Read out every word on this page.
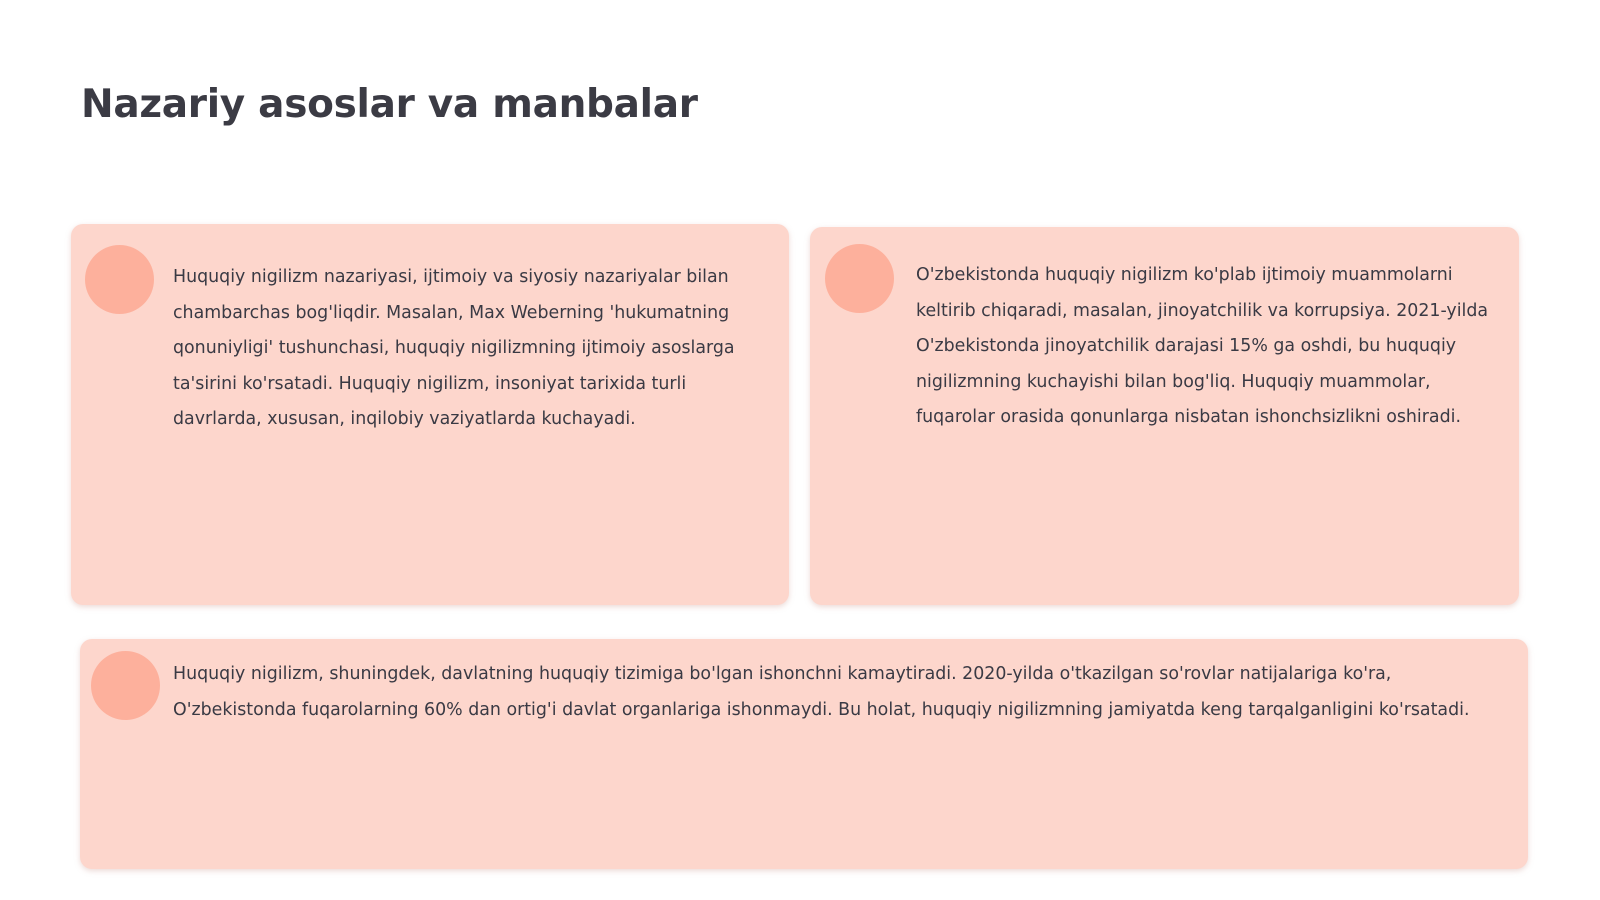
Nazariy asoslar va manbalar

Huquqiy nigilizm nazariyasi, ijtimoiy va siyosiy nazariyalar bilan chambarchas bog'liqdir. Masalan, Max Weberning 'hukumatning qonuniyligi' tushunchasi, huquqiy nigilizmning ijtimoiy asoslarga ta'sirini ko'rsatadi. Huquqiy nigilizm, insoniyat tarixida turli davrlarda, xususan, inqilobiy vaziyatlarda kuchayadi.

O'zbekistonda huquqiy nigilizm ko'plab ijtimoiy muammolarni keltirib chiqaradi, masalan, jinoyatchilik va korrupsiya. 2021-yilda O'zbekistonda jinoyatchilik darajasi 15% ga oshdi, bu huquqiy nigilizmning kuchayishi bilan bog'liq. Huquqiy muammolar, fuqarolar orasida qonunlarga nisbatan ishonchsizlikni oshiradi.

Huquqiy nigilizm, shuningdek, davlatning huquqiy tizimiga bo'lgan ishonchni kamaytiradi. 2020-yilda o'tkazilgan so'rovlar natijalariga ko'ra, O'zbekistonda fuqarolarning 60% dan ortig'i davlat organlariga ishonmaydi. Bu holat, huquqiy nigilizmning jamiyatda keng tarqalganligini ko'rsatadi.
